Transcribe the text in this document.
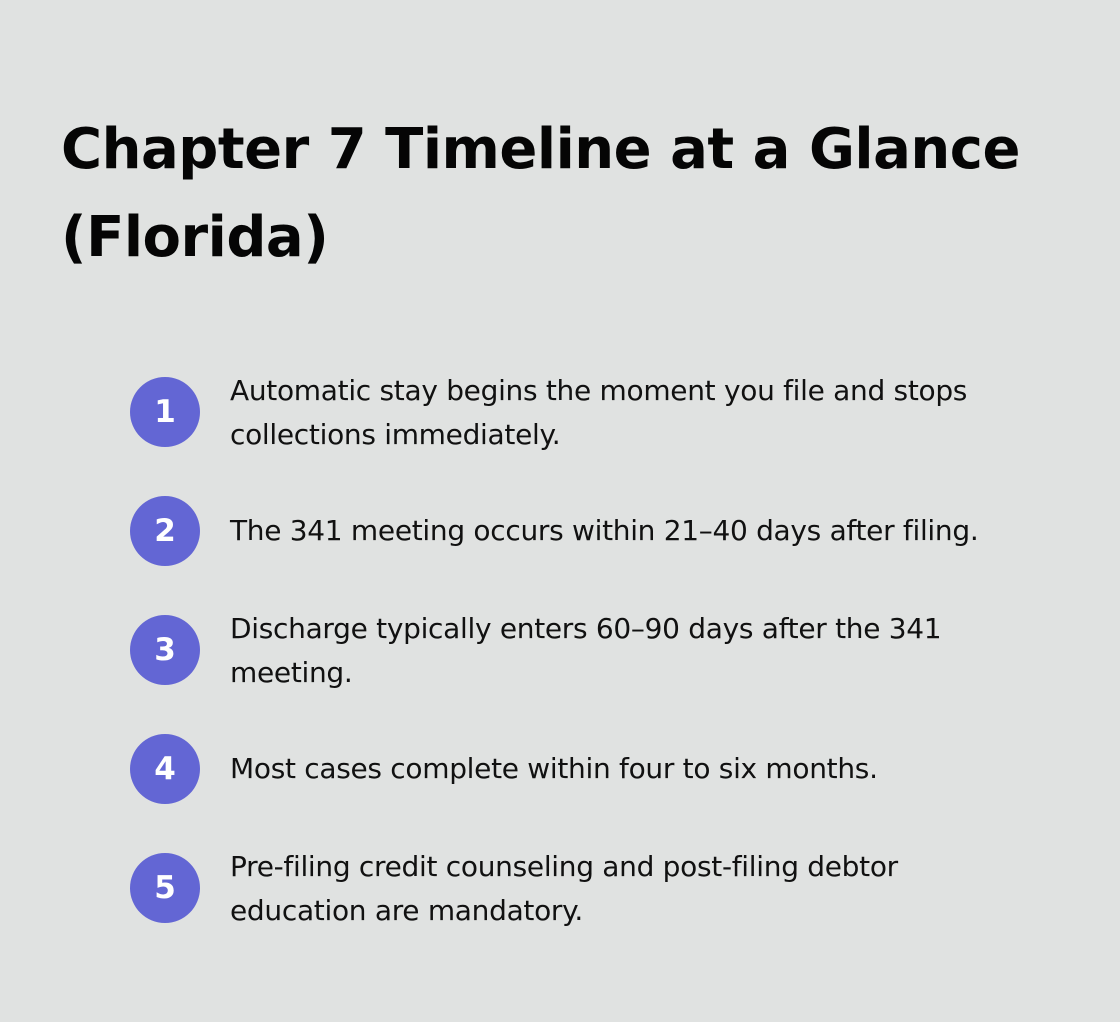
Chapter 7 Timeline at a Glance (Florida)
1
Automatic stay begins the moment you file and stops collections immediately.
2	The 341 meeting occurs within 21–40 days after filing.
3
Discharge typically enters 60–90 days after the 341 meeting.
4	Most cases complete within four to six months.
5
Pre-filing credit counseling and post-filing debtor education are mandatory.
